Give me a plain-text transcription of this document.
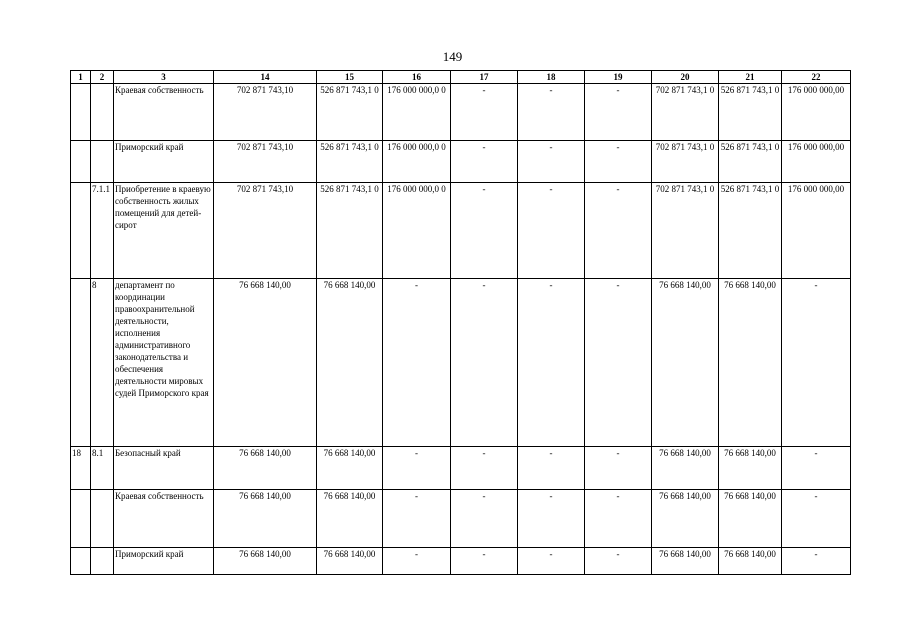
149
1	2	3	14	15	16	17	18	19	20	21	22
		Краевая собственность	702 871 743,10	526 871 743,1 0	176 000 000,0 0	-	-	-	702 871 743,1 0	526 871 743,1 0	176 000 000,00
		Приморский край	702 871 743,10	526 871 743,1 0	176 000 000,0 0	-	-	-	702 871 743,1 0	526 871 743,1 0	176 000 000,00
	7.1.1	Приобретение в краевую собственность жилых помещений для детей-сирот	702 871 743,10	526 871 743,1 0	176 000 000,0 0	-	-	-	702 871 743,1 0	526 871 743,1 0	176 000 000,00
	8	департамент по координации правоохранительной деятельности, исполнения административного законодательства и обеспечения деятельности мировых судей Приморского края	76 668 140,00	76 668 140,00	-	-	-	-	76 668 140,00	76 668 140,00	-
18	8.1	Безопасный край	76 668 140,00	76 668 140,00	-	-	-	-	76 668 140,00	76 668 140,00	-
		Краевая собственность	76 668 140,00	76 668 140,00	-	-	-	-	76 668 140,00	76 668 140,00	-
		Приморский край	76 668 140,00	76 668 140,00	-	-	-	-	76 668 140,00	76 668 140,00	-
